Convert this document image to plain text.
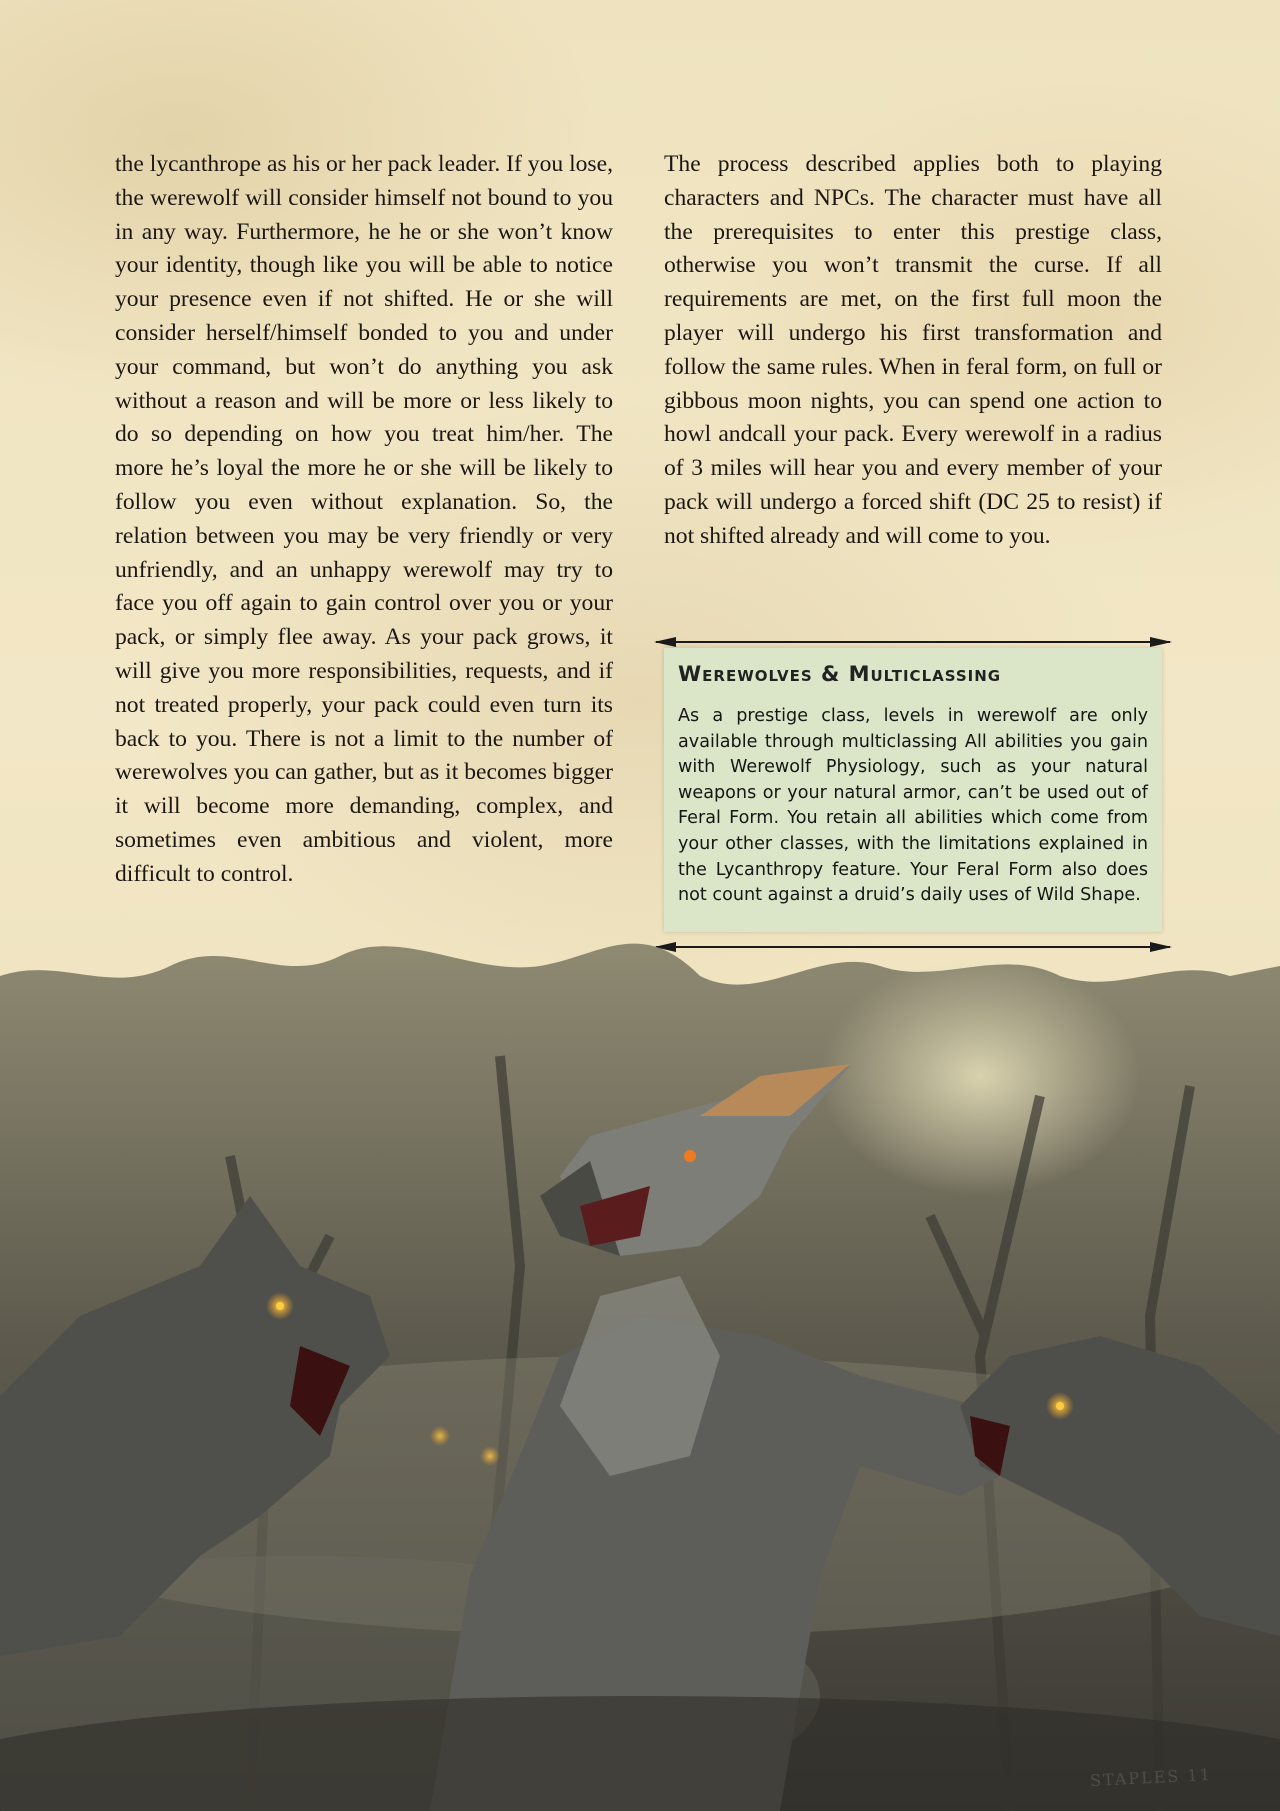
the lycanthrope as his or her pack leader. If you lose, the werewolf will consider himself not bound to you in any way. Furthermore, he he or she won’t know your identity, though like you will be able to notice your presence even if not shifted. He or she will consider herself/himself bonded to you and under your command, but won’t do anything you ask without a reason and will be more or less likely to do so depending on how you treat him/her. The more he’s loyal the more he or she will be likely to follow you even without explanation. So, the relation between you may be very friendly or very unfriendly, and an unhappy werewolf may try to face you off again to gain control over you or your pack, or simply flee away. As your pack grows, it will give you more responsibilities, requests, and if not treated properly, your pack could even turn its back to you. There is not a limit to the number of werewolves you can gather, but as it becomes bigger it will become more demanding, complex, and sometimes even ambitious and violent, more difficult to control.

The process described applies both to playing characters and NPCs. The character must have all the prerequisites to enter this prestige class, otherwise you won’t transmit the curse. If all requirements are met, on the first full moon the player will undergo his first transformation and follow the same rules. When in feral form, on full or gibbous moon nights, you can spend one action to howl andcall your pack. Every werewolf in a radius of 3 miles will hear you and every member of your pack will undergo a forced shift (DC 25 to resist) if not shifted already and will come to you.

Werewolves & Multiclassing
As a prestige class, levels in werewolf are only available through multiclassing All abilities you gain with Werewolf Physiology, such as your natural weapons or your natural armor, can’t be used out of Feral Form. You retain all abilities which come from your other classes, with the limitations explained in the Lycanthropy feature. Your Feral Form also does not count against a druid’s daily uses of Wild Shape.
STAPLES 11
